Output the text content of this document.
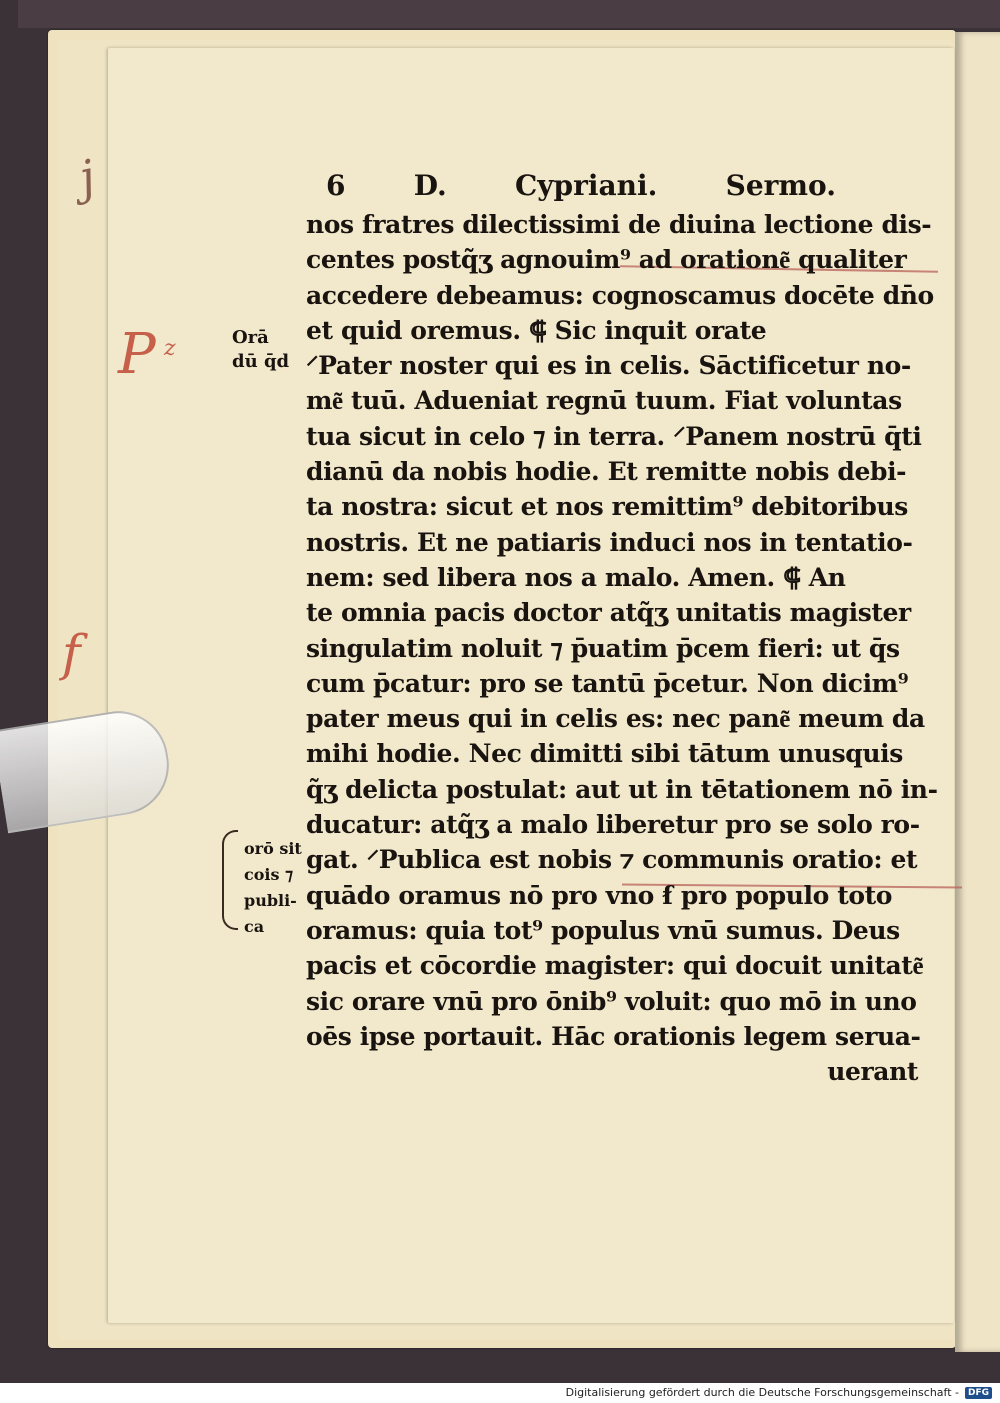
j
P z
f
Orā
dū q̄d
orō sit
cois ⁊
publi-
ca
6 D. Cypriani. Sermo.
nos fratres dilectissimi de diuina lectione dis-
centes postq̃ʒ agnouim⁹ ad oratione͂ qualiter
accedere debeamus: cognoscamus docēte dn̄o
et quid oremus. ⸿ Sic inquit orate
⸍Pater noster qui es in celis. Sāctificetur no-
me͂ tuū. Adueniat regnū tuum. Fiat voluntas
tua sicut in celo ⁊ in terra. ⸍Panem nostrū q̄ti
dianū da nobis hodie. Et remitte nobis debi-
ta nostra: sicut et nos remittim⁹ debitoribus
nostris. Et ne patiaris induci nos in tentatio-
nem: sed libera nos a malo. Amen. ⸿ An
te omnia pacis doctor atq̃ʒ unitatis magister
singulatim noluit ⁊ p̄uatim p̄cem fieri: ut q̄s
cum p̄catur: pro se tantū p̄cetur. Non dicim⁹
pater meus qui in celis es: nec pane͂ meum da
mihi hodie. Nec dimitti sibi tātum unusquis
q̃ʒ delicta postulat: aut ut in tētationem nō in-
ducatur: atq̃ʒ a malo liberetur pro se solo ro-
gat. ⸍Publica est nobis ⁊ communis oratio: et
quādo oramus nō pro vno ẜ pro populo toto
oramus: quia tot⁹ populus vnū sumus. Deus
pacis et cōcordie magister: qui docuit unitate͂
sic orare vnū pro ōnib⁹ voluit: quo mō in uno
oēs ipse portauit. Hāc orationis legem serua-
uerant
Digitalisierung gefördert durch die Deutsche Forschungsgemeinschaft -	DFG
